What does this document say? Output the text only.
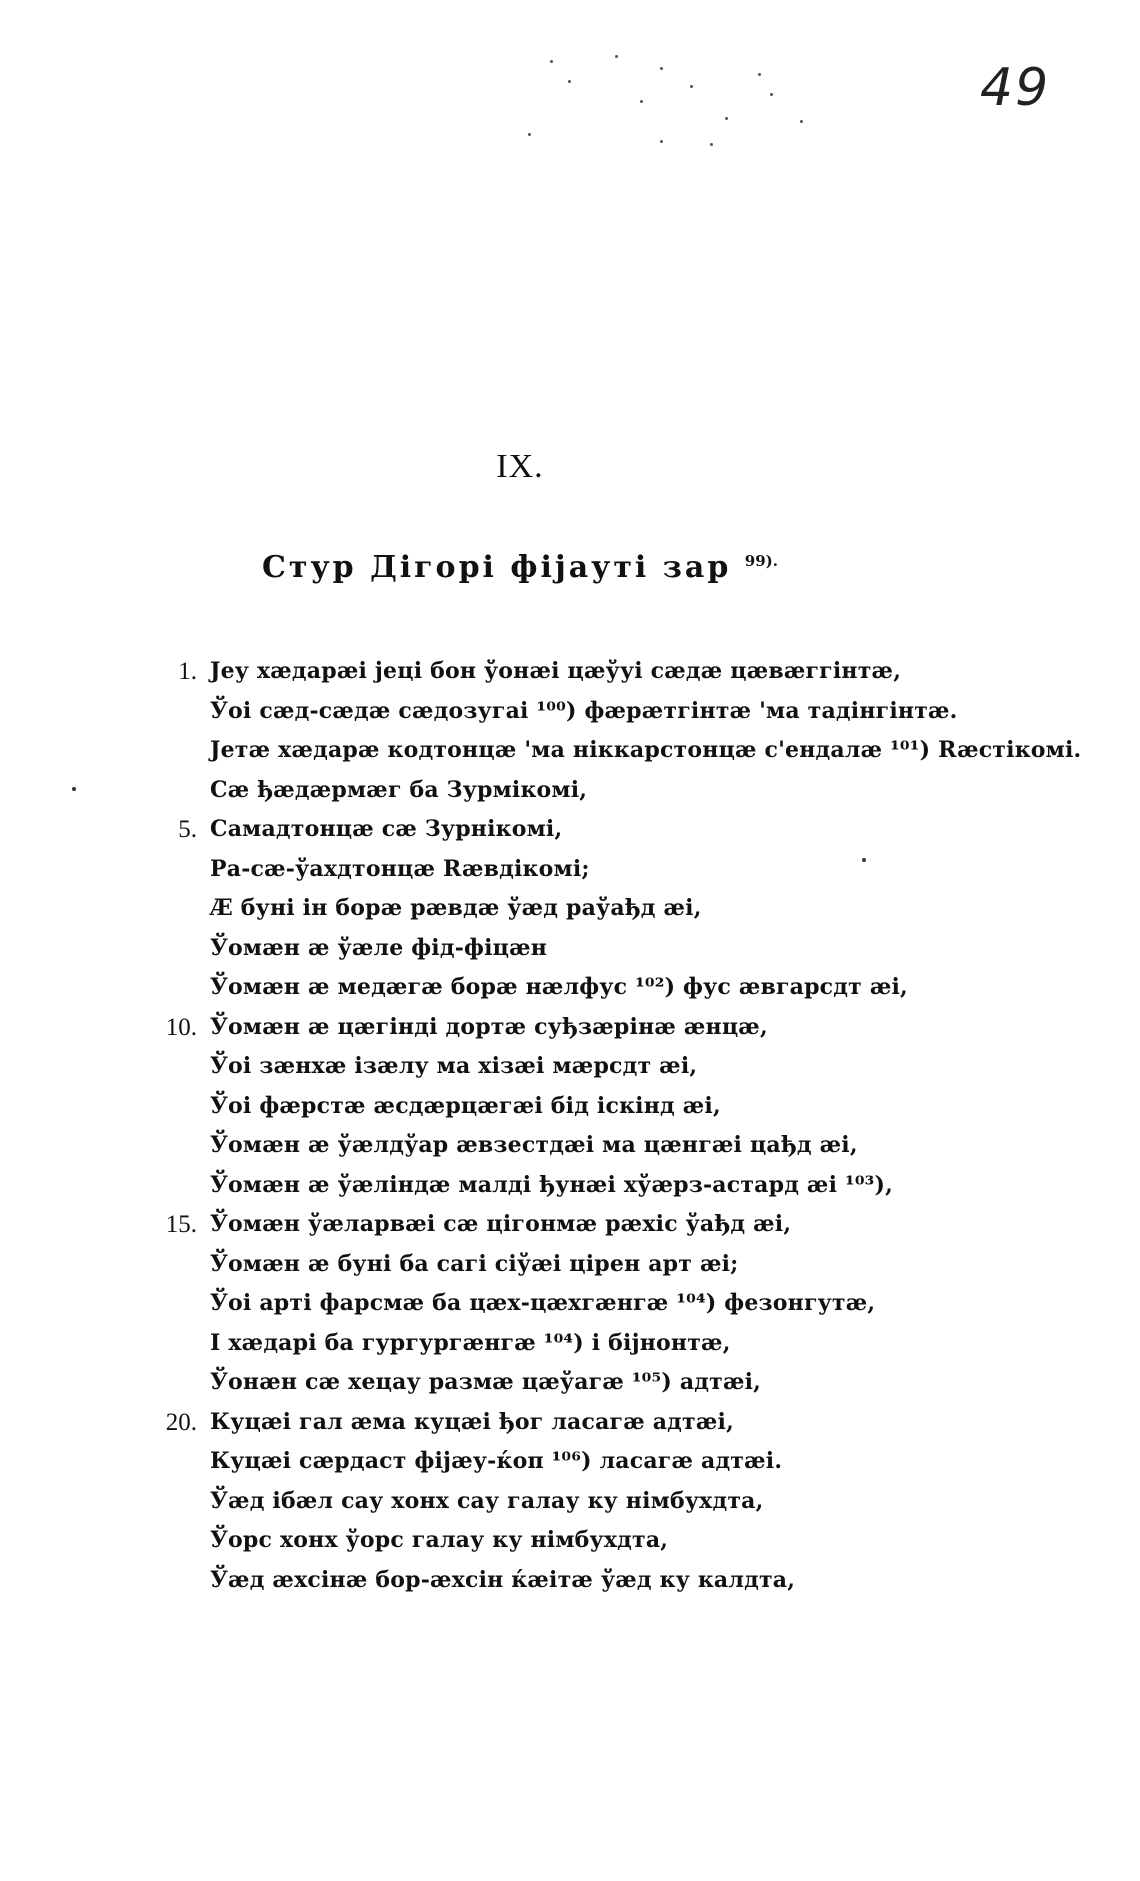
49
IX.
Стур Дігорі фіјауті зар $^{99).}$
1. Јеу хæдарæі јеці бон ўонæі цæўуі сæдæ цæвæггінтæ,
Ўоі сæд-сæдæ сæдозугаі ¹⁰⁰) фæрæтгінтæ 'ма тадінгінтæ.
Јетæ хæдарæ кодтонцæ 'ма ніккарстонцæ с'ендалæ ¹⁰¹) Ræстікомі.
Сæ ђæдæрмæг ба Зурмікомі,
5. Самадтонцæ сæ Зурнікомі,
Ра-сæ-ўахдтонцæ Ræвдікомі;
Æ буні ін борæ рæвдæ ўæд раўађд æі,
Ўомæн æ ўæле фід-фіцæн
Ўомæн æ медæгæ борæ нæлфус ¹⁰²) фус æвгарсдт æі,
10. Ўомæн æ цæгінді дортæ суђзæрінæ æнцæ,
Ўоі зæнхæ ізæлу ма хізæі мæрсдт æі,
Ўоі фæрстæ æсдæрцæгæі бід іскінд æі,
Ўомæн æ ўæлдўар æвзестдæі ма цæнгæі цађд æі,
Ўомæн æ ўæліндæ малді ђунæі хўæрз-астард æі ¹⁰³),
15. Ўомæн ўæларвæі сæ цігонмæ рæхіс ўађд æі,
Ўомæн æ буні ба сагі сіўæі цірен арт æі;
Ўоі арті фарсмæ ба цæх-цæхгæнгæ ¹⁰⁴) фезонгутæ,
І хæдарі ба гургургæнгæ ¹⁰⁴) і біјнонтæ,
Ўонæн сæ хецау размæ цæўагæ ¹⁰⁵) адтæі,
20. Куцæі гал æма куцæі ђог ласагæ адтæі,
Куцæі сæрдаст фіјæу-ќоп ¹⁰⁶) ласагæ адтæі.
Ўæд ібæл сау хонх сау галау ку німбухдта,
Ўорс хонх ўорс галау ку німбухдта,
Ўæд æхсінæ бор-æхсін ќæітæ ўæд ку калдта,
